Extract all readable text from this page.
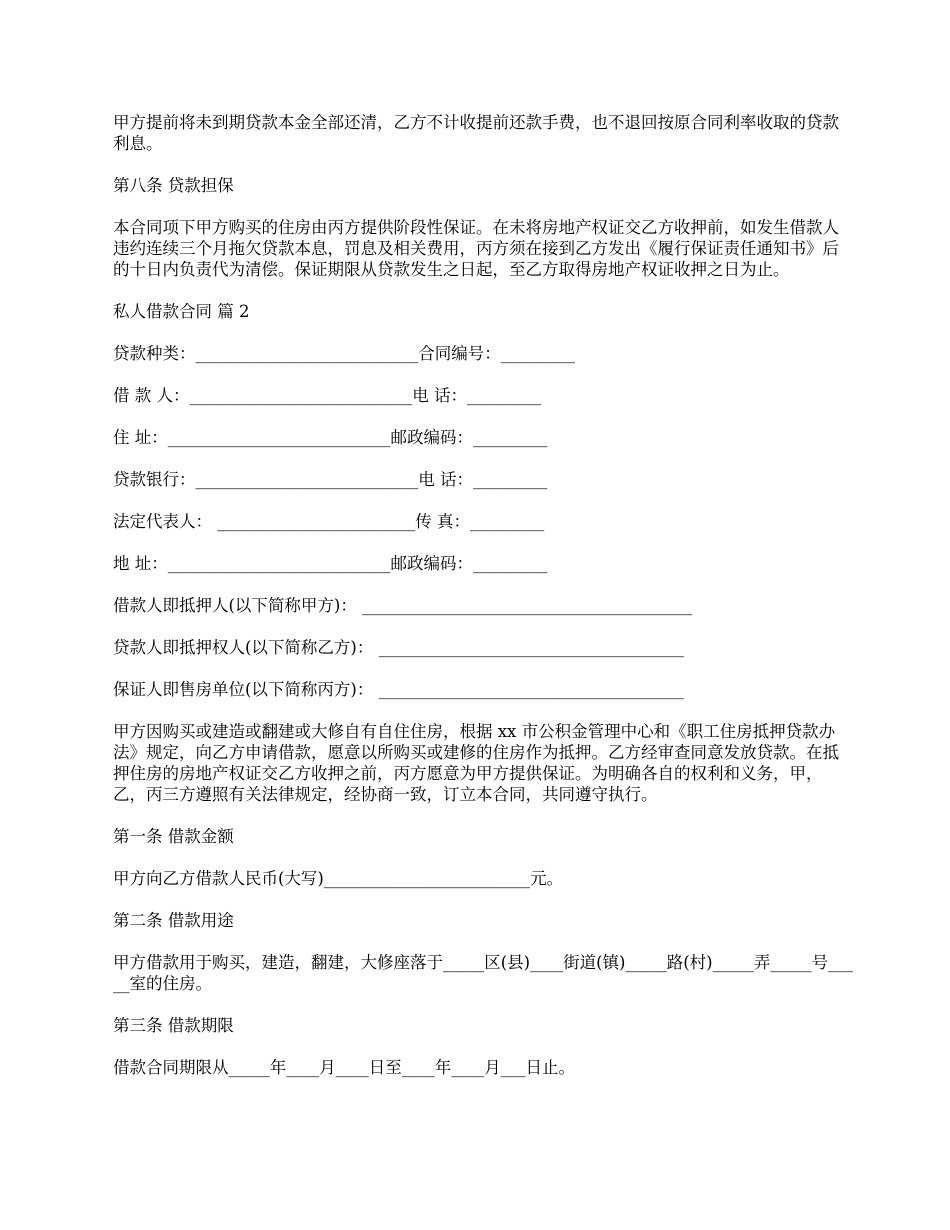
甲方提前将未到期贷款本金全部还清，乙方不计收提前还款手费，也不退回按原合同利率收取的贷款利息。

第八条 贷款担保

本合同项下甲方购买的住房由丙方提供阶段性保证。在未将房地产权证交乙方收押前，如发生借款人违约连续三个月拖欠贷款本息，罚息及相关费用，丙方须在接到乙方发出《履行保证责任通知书》后的十日内负责代为清偿。保证期限从贷款发生之日起，至乙方取得房地产权证收押之日为止。

私人借款合同 篇 2

贷款种类：___________________________合同编号：_________

借 款 人：___________________________电 话：_________

住 址：___________________________邮政编码：_________

贷款银行：___________________________电 话：_________

法定代表人： ________________________传 真：_________

地 址：___________________________邮政编码：_________

借款人即抵押人(以下简称甲方)： ________________________________________

贷款人即抵押权人(以下简称乙方)： _____________________________________

保证人即售房单位(以下简称丙方)： _____________________________________

甲方因购买或建造或翻建或大修自有自住住房，根据 xx 市公积金管理中心和《职工住房抵押贷款办法》规定，向乙方申请借款，愿意以所购买或建修的住房作为抵押。乙方经审查同意发放贷款。在抵押住房的房地产权证交乙方收押之前，丙方愿意为甲方提供保证。为明确各自的权利和义务，甲，乙，丙三方遵照有关法律规定，经协商一致，订立本合同，共同遵守执行。

第一条 借款金额

甲方向乙方借款人民币(大写)_________________________元。

第二条 借款用途

甲方借款用于购买，建造，翻建，大修座落于_____区(县)____街道(镇)_____路(村)_____弄_____号_____室的住房。

第三条 借款期限

借款合同期限从_____年____月____日至____年____月___日止。
